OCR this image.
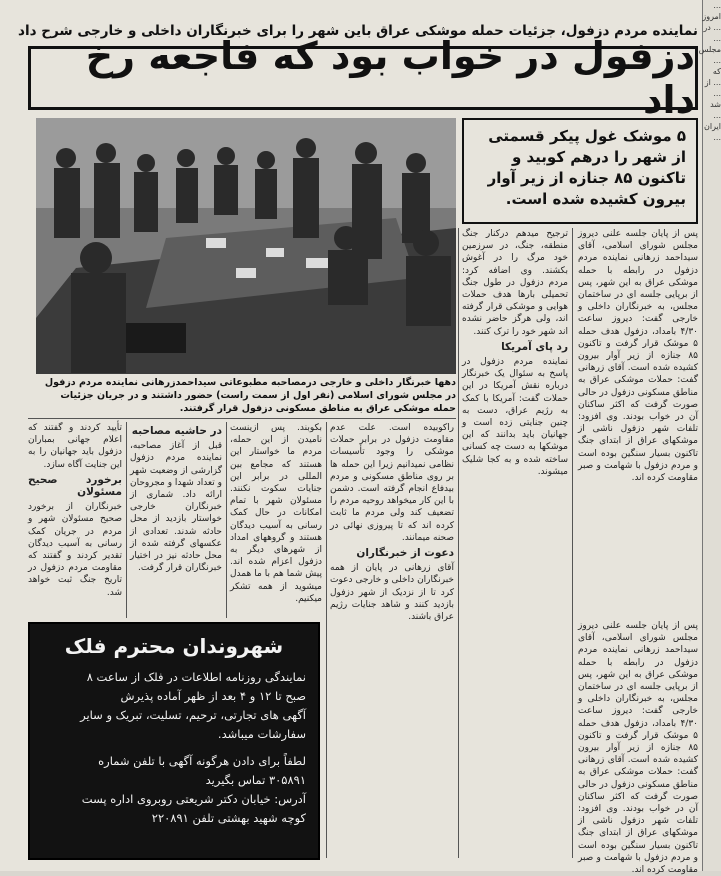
نماینده مردم دزفول، جزئیات حمله موشکی عراق باین شهر را برای خبرنگاران داخلی و خارجی شرح داد
دزفول در خواب بود که فاجعه رخ داد
دهها خبرنگار داخلی و خارجی درمصاحبه مطبوعاتی سیداحمدزرهانی نماینده مردم دزفول در مجلس شورای اسلامی (نفر اول از سمت راست) حضور داشتند و در جریان جزئیات حمله موشکی عراق به مناطق مسکونی دزفول قرار گرفتند.
۵ موشک غول پیکر قسمتی از شهر را درهم کوبید و تاکنون ۸۵ جنازه از زیر آوار بیرون کشیده شده است.
پس از پایان جلسه علنی دیروز مجلس شورای اسلامی، آقای سیداحمد زرهانی نماینده مردم دزفول در رابطه با حمله موشکی عراق به این شهر، پس از برپایی جلسه ای در ساختمان مجلس، به خبرنگاران داخلی و خارجی گفت: دیروز ساعت ۴/۳۰ بامداد، دزفول هدف حمله ۵ موشک قرار گرفت و تاکنون ۸۵ جنازه از زیر آوار بیرون کشیده شده است. آقای زرهانی گفت: حملات موشکی عراق به مناطق مسکونی دزفول در حالی صورت گرفت که اکثر ساکنان آن در خواب بودند. وی افزود: تلفات شهر دزفول ناشی از موشکهای عراق از ابتدای جنگ تاکنون بسیار سنگین بوده است و مردم دزفول با شهامت و صبر مقاومت کرده اند.
ترجیح میدهم درکنار جنگ منطقه، جنگ، در سرزمین خود مرگ را در آغوش بکشند. وی اضافه کرد: مردم دزفول در طول جنگ تحمیلی بارها هدف حملات هوایی و موشکی قرار گرفته اند، ولی هرگز حاضر نشده اند شهر خود را ترک کنند.
رد پای آمریکا
نماینده مردم دزفول در پاسخ به سئوال یک خبرنگار درباره نقش آمریکا در این حملات گفت: آمریکا با کمک به رژیم عراق، دست به چنین جنایتی زده است و جهانیان باید بدانند که این موشکها به دست چه کسانی ساخته شده و به کجا شلیک میشوند.
پس از پایان جلسه علنی دیروز مجلس شورای اسلامی، آقای سیداحمد زرهانی نماینده مردم دزفول در رابطه با حمله موشکی عراق به این شهر، پس از برپایی جلسه ای در ساختمان مجلس، به خبرنگاران داخلی و خارجی گفت: دیروز ساعت ۴/۳۰ بامداد، دزفول هدف حمله ۵ موشک قرار گرفت و تاکنون ۸۵ جنازه از زیر آوار بیرون کشیده شده است. آقای زرهانی گفت: حملات موشکی عراق به مناطق مسکونی دزفول در حالی صورت گرفت که اکثر ساکنان آن در خواب بودند. وی افزود: تلفات شهر دزفول ناشی از موشکهای عراق از ابتدای جنگ تاکنون بسیار سنگین بوده است و مردم دزفول با شهامت و صبر مقاومت کرده اند.
راکوبیده است. علت عدم مقاومت دزفول در برابر حملات موشکی را وجود تأسیسات نظامی نمیدانیم زیرا این حمله ها بر روی مناطق مسکونی و مردم بیدفاع انجام گرفته است. دشمن با این کار میخواهد روحیه مردم را تضعیف کند ولی مردم ما ثابت کرده اند که تا پیروزی نهائی در صحنه میمانند.
دعوت از خبرنگاران
آقای زرهانی در پایان از همه خبرنگاران داخلی و خارجی دعوت کرد تا از نزدیک از شهر دزفول بازدید کنند و شاهد جنایات رژیم عراق باشند.
بکوبند. پس ازینست نامیدن از این حمله، مردم ما خواستار این هستند که مجامع بین المللی در برابر این جنایات سکوت نکنند. مسئولان شهر با تمام امکانات در حال کمک رسانی به آسیب دیدگان هستند و گروههای امداد از شهرهای دیگر به دزفول اعزام شده اند. پیش شما هم با ما همدل میشوید از همه تشکر میکنیم.
در حاشیه مصاحبه
قبل از آغاز مصاحبه، نماینده مردم دزفول گزارشی از وضعیت شهر و تعداد شهدا و مجروحان ارائه داد. شماری از خبرنگاران خارجی خواستار بازدید از محل حادثه شدند. تعدادی از عکسهای گرفته شده از محل حادثه نیز در اختیار خبرنگاران قرار گرفت.
تأیید کردند و گفتند که اعلام جهانی بمباران دزفول باید جهانیان را به این جنایت آگاه سازد.
برخورد صحیح مسئولان
خبرنگاران از برخورد صحیح مسئولان شهر و مردم در جریان کمک رسانی به آسیب دیدگان تقدیر کردند و گفتند که مقاومت مردم دزفول در تاریخ جنگ ثبت خواهد شد.
شهروندان محترم فلک
نمایندگی روزنامه اطلاعات در فلک از ساعت ۸
صبح تا ۱۲ و ۴ بعد از ظهر آماده پذیرش
آگهی های تجارتی، ترحیم، تسلیت، تبریک و سایر
سفارشات میباشد.
لطفاً برای دادن هرگونه آگهی با تلفن شماره
۳۰۵۸۹۱ تماس بگیرید
آدرس: خیابان دکتر شریعتی روبروی اداره پست
کوچه شهید بهشتی تلفن ۲۲۰۸۹۱
... امروز ... در ... مجلس ... که ... از ... شد ... ایران ...
